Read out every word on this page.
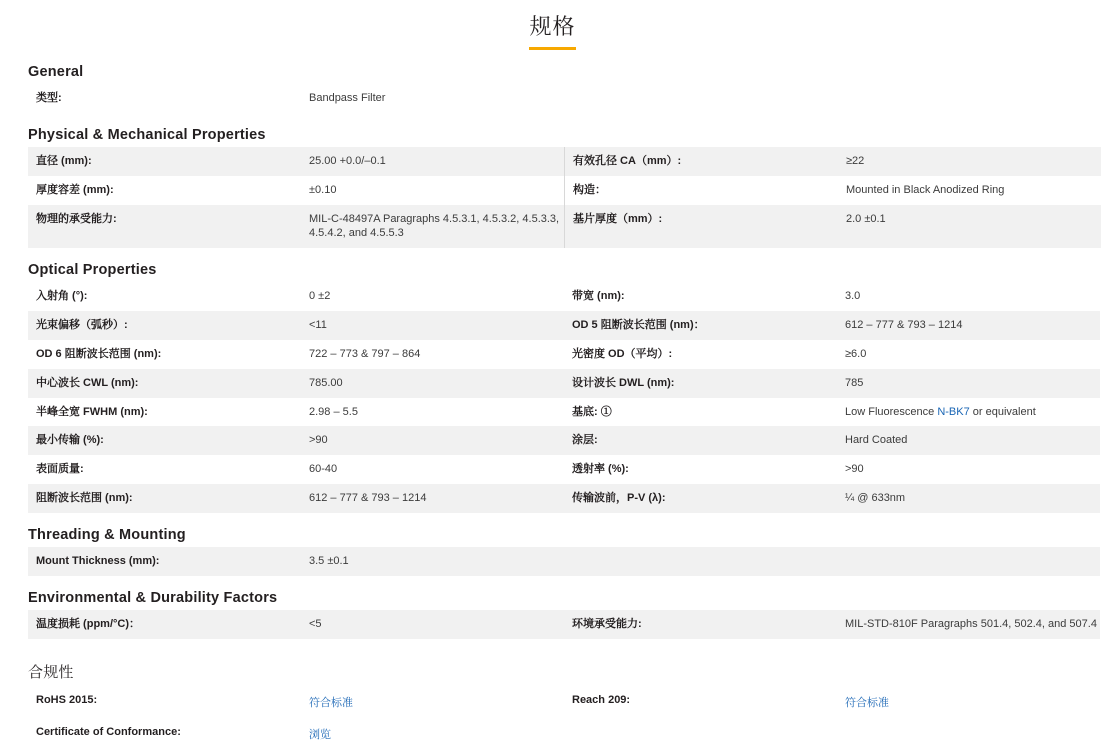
规格
General
类型:	Bandpass Filter		
Physical & Mechanical Properties
直径 (mm):	25.00 +0.0/–0.1	有效孔径 CA（mm）:	≥22
厚度容差 (mm):	±0.10	构造：	Mounted in Black Anodized Ring
物理的承受能力:	MIL-C-48497A Paragraphs 4.5.3.1, 4.5.3.2, 4.5.3.3, 4.5.4.2, and 4.5.5.3	基片厚度（mm）:	2.0 ±0.1
Optical Properties
入射角 (°):	0 ±2	带宽 (nm):	3.0
光束偏移（弧秒）:	<11	OD 5 阻断波长范围 (nm)：	612 – 777 & 793 – 1214
OD 6 阻断波长范围 (nm):	722 – 773 & 797 – 864	光密度 OD（平均）:	≥6.0
中心波长 CWL (nm):	785.00	设计波长 DWL (nm):	785
半峰全宽 FWHM (nm):	2.98 – 5.5	基底: ①	Low Fluorescence N-BK7 or equivalent
最小传输 (%):	>90	涂层:	Hard Coated
表面质量:	60-40	透射率 (%):	>90
阻断波长范围 (nm):	612 – 777 & 793 – 1214	传输波前，P-V (λ):	¼ @ 633nm
Threading & Mounting
Mount Thickness (mm):	3.5 ±0.1		
Environmental & Durability Factors
温度损耗 (ppm/°C)：	<5	环境承受能力:	MIL-STD-810F Paragraphs 501.4, 502.4, and 507.4
合规性
RoHS 2015:	符合标准	Reach 209:	符合标准
Certificate of Conformance:	浏览		
